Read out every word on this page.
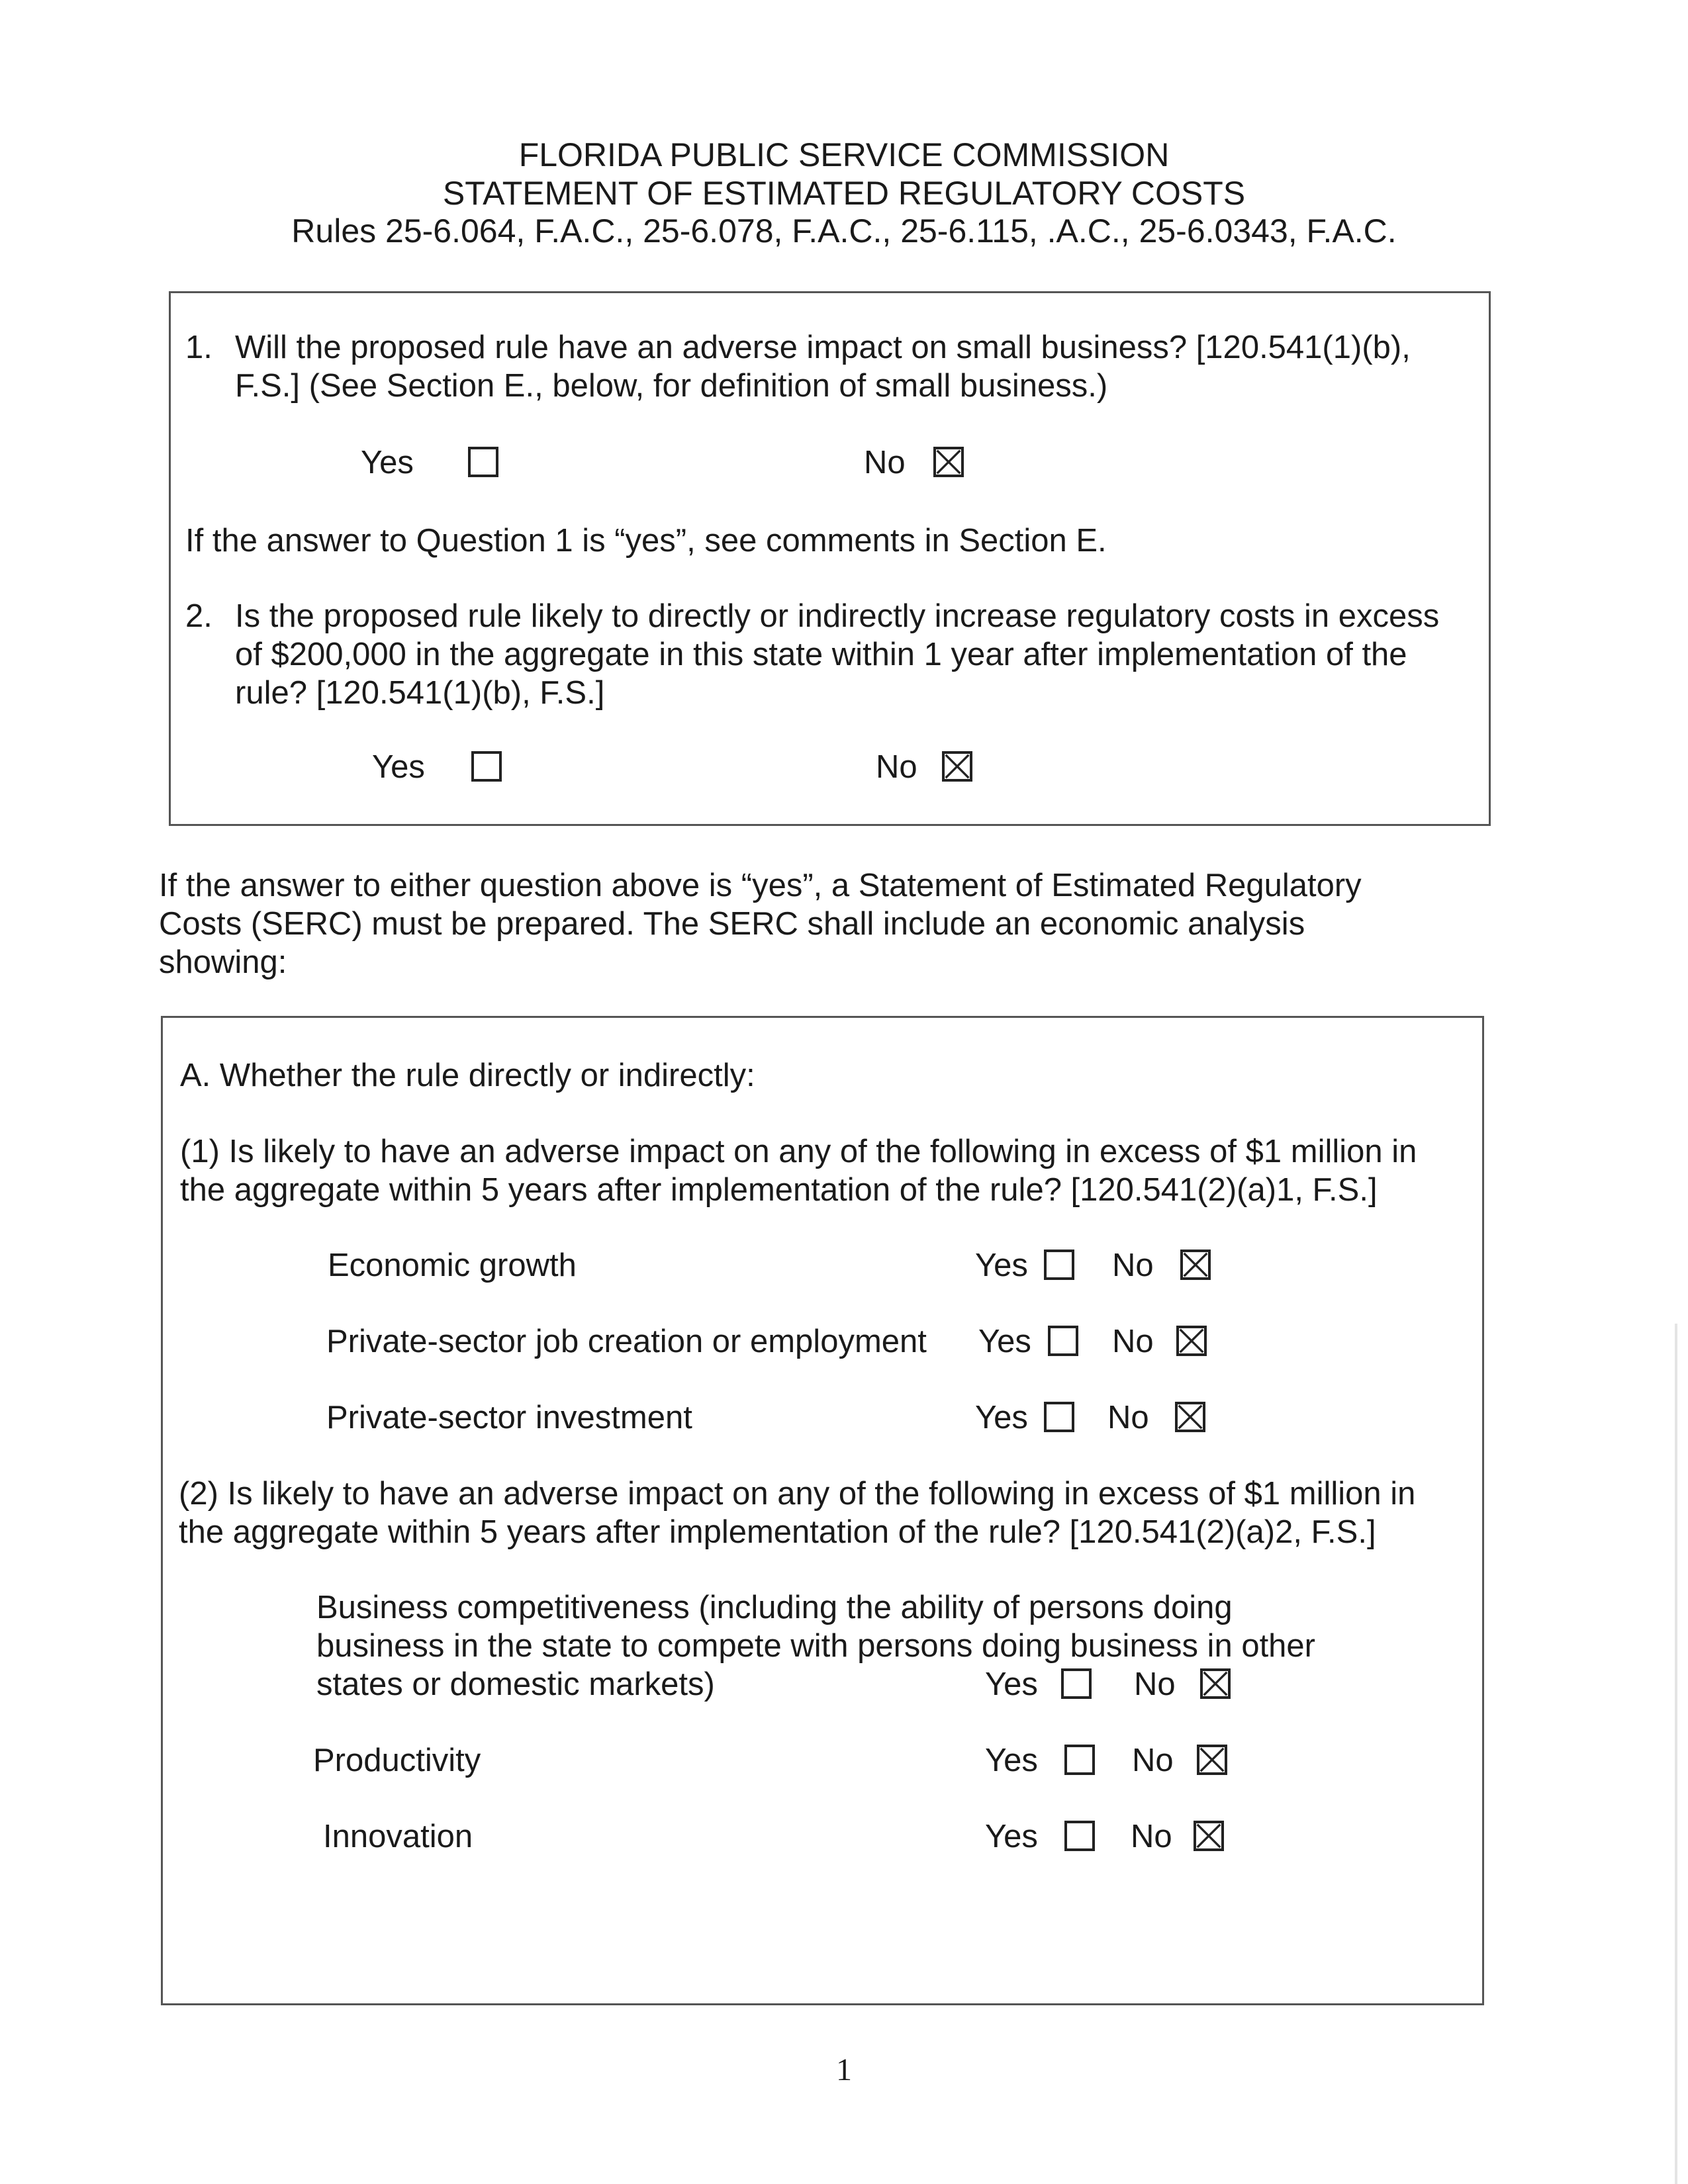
FLORIDA PUBLIC SERVICE COMMISSION
STATEMENT OF ESTIMATED REGULATORY COSTS
Rules 25-6.064, F.A.C., 25-6.078, F.A.C., 25-6.115, .A.C., 25-6.0343, F.A.C.
1. Will the proposed rule have an adverse impact on small business? [120.541(1)(b),
F.S.] (See Section E., below, for definition of small business.)
Yes	No
If the answer to Question 1 is “yes”, see comments in Section E.
2. Is the proposed rule likely to directly or indirectly increase regulatory costs in excess
of $200,000 in the aggregate in this state within 1 year after implementation of the
rule? [120.541(1)(b), F.S.]
Yes	No
If the answer to either question above is “yes”, a Statement of Estimated Regulatory
Costs (SERC) must be prepared. The SERC shall include an economic analysis
showing:
A. Whether the rule directly or indirectly:
(1) Is likely to have an adverse impact on any of the following in excess of $1 million in
the aggregate within 5 years after implementation of the rule? [120.541(2)(a)1, F.S.]
Economic growth	Yes	No
Private-sector job creation or employment Yes No
Private-sector investment	Yes No
(2) Is likely to have an adverse impact on any of the following in excess of $1 million in
the aggregate within 5 years after implementation of the rule? [120.541(2)(a)2, F.S.]
Business competitiveness (including the ability of persons doing
business in the state to compete with persons doing business in other
states or domestic markets)	Yes	No
Productivity	Yes	No
Innovation	Yes	No
1
